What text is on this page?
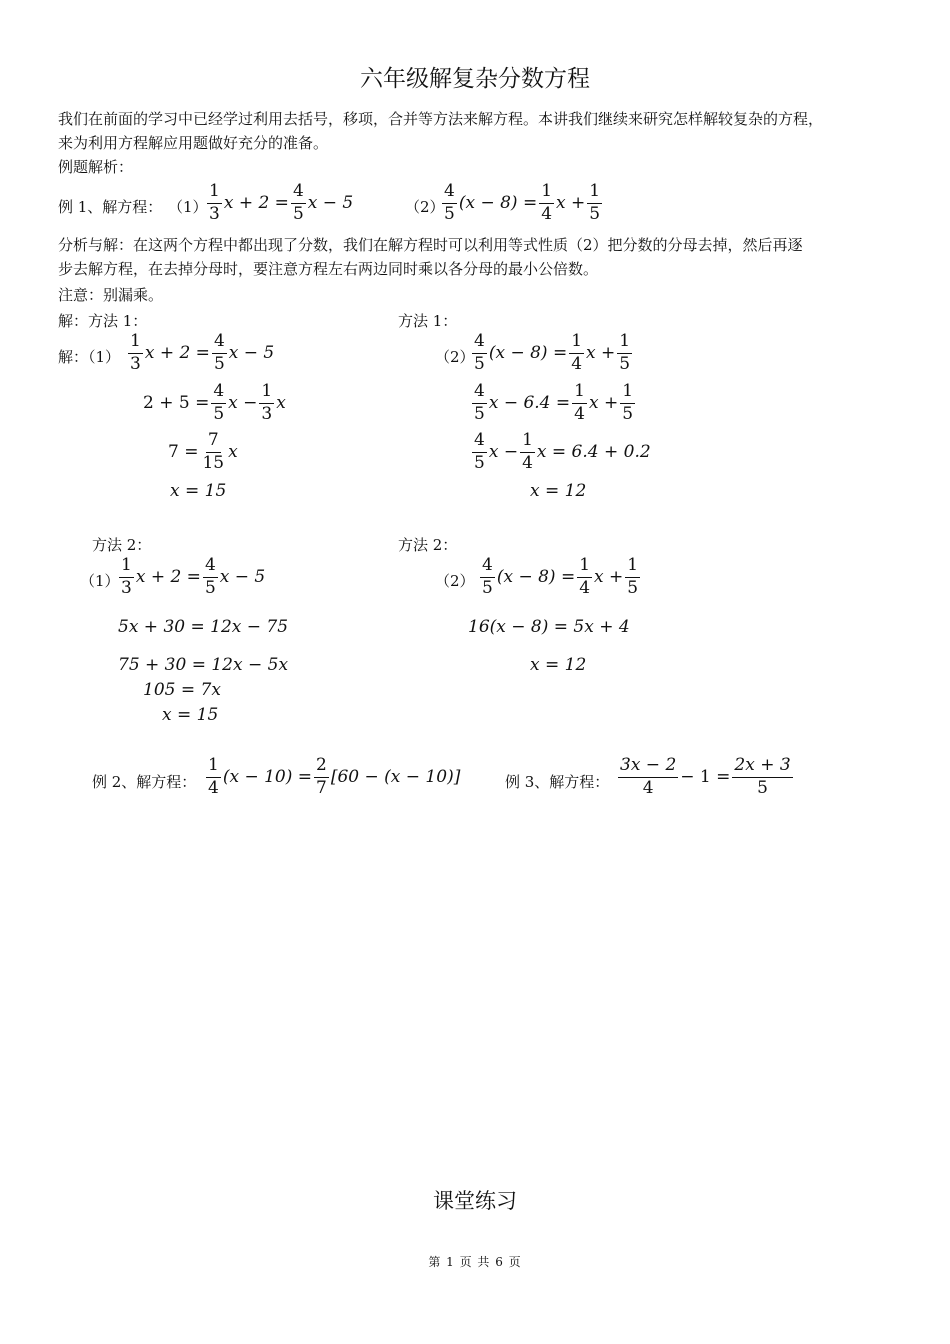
六年级解复杂分数方程
我们在前面的学习中已经学过利用去括号，移项，合并等方法来解方程。本讲我们继续来研究怎样解较复杂的方程，
来为利用方程解应用题做好充分的准备。
例题解析：
例 1、解方程： $(1) \frac{1}{3}$ $x + 2 = \frac{4}{5}$ x − 5	（2）
$\frac{4}{5} (x - 8) = \frac{1}{4}$ $x + \frac{1}{5}$
分析与解：在这两个方程中都出现了分数，我们在解方程时可以利用等式性质（2）把分数的分母去掉，然后再逐
步去解方程，在去掉分母时，要注意方程左右两边同时乘以各分母的最小公倍数。
注意：别漏乘。
解：方法 1：	方法 1：
解：$(1) \frac{1}{3}$ $x + 2 = \frac{4}{5}$ x − 5
$2 + 5 = \frac{4}{5}$ $x - \frac{1}{3}$ x
$7 = \frac{7}{15}$ x
x = 15
（2）
$\frac{4}{5} (x - 8) = \frac{1}{4}$ $x + \frac{1}{5}$
$\frac{4}{5}$ $x - 6.4 = \frac{1}{4}$ $x + \frac{1}{5}$
$\frac{4}{5}$ $x - \frac{1}{4}$ x = 6.4 + 0.2
x = 12
方法 2：	方法 2：
$(1) \frac{1}{3}$ $x + 2 = \frac{4}{5}$ x − 5
5x + 30 = 12x − 75
75 + 30 = 12x − 5x
105 = 7x
x = 15
$(2) \frac{4}{5} (x - 8) = \frac{1}{4}$ $x + \frac{1}{5}$
16(x − 8) = 5x + 4
x = 12
例 2、解方程： $\frac{1}{4} (x - 10) = \frac{2}{7} [60 - (x - 10)]$	例 3、解方程： $\frac{3x - 2}{4} - 1 = \frac{2x + 3}{5}$
课堂练习
第 1 页 共 6 页
